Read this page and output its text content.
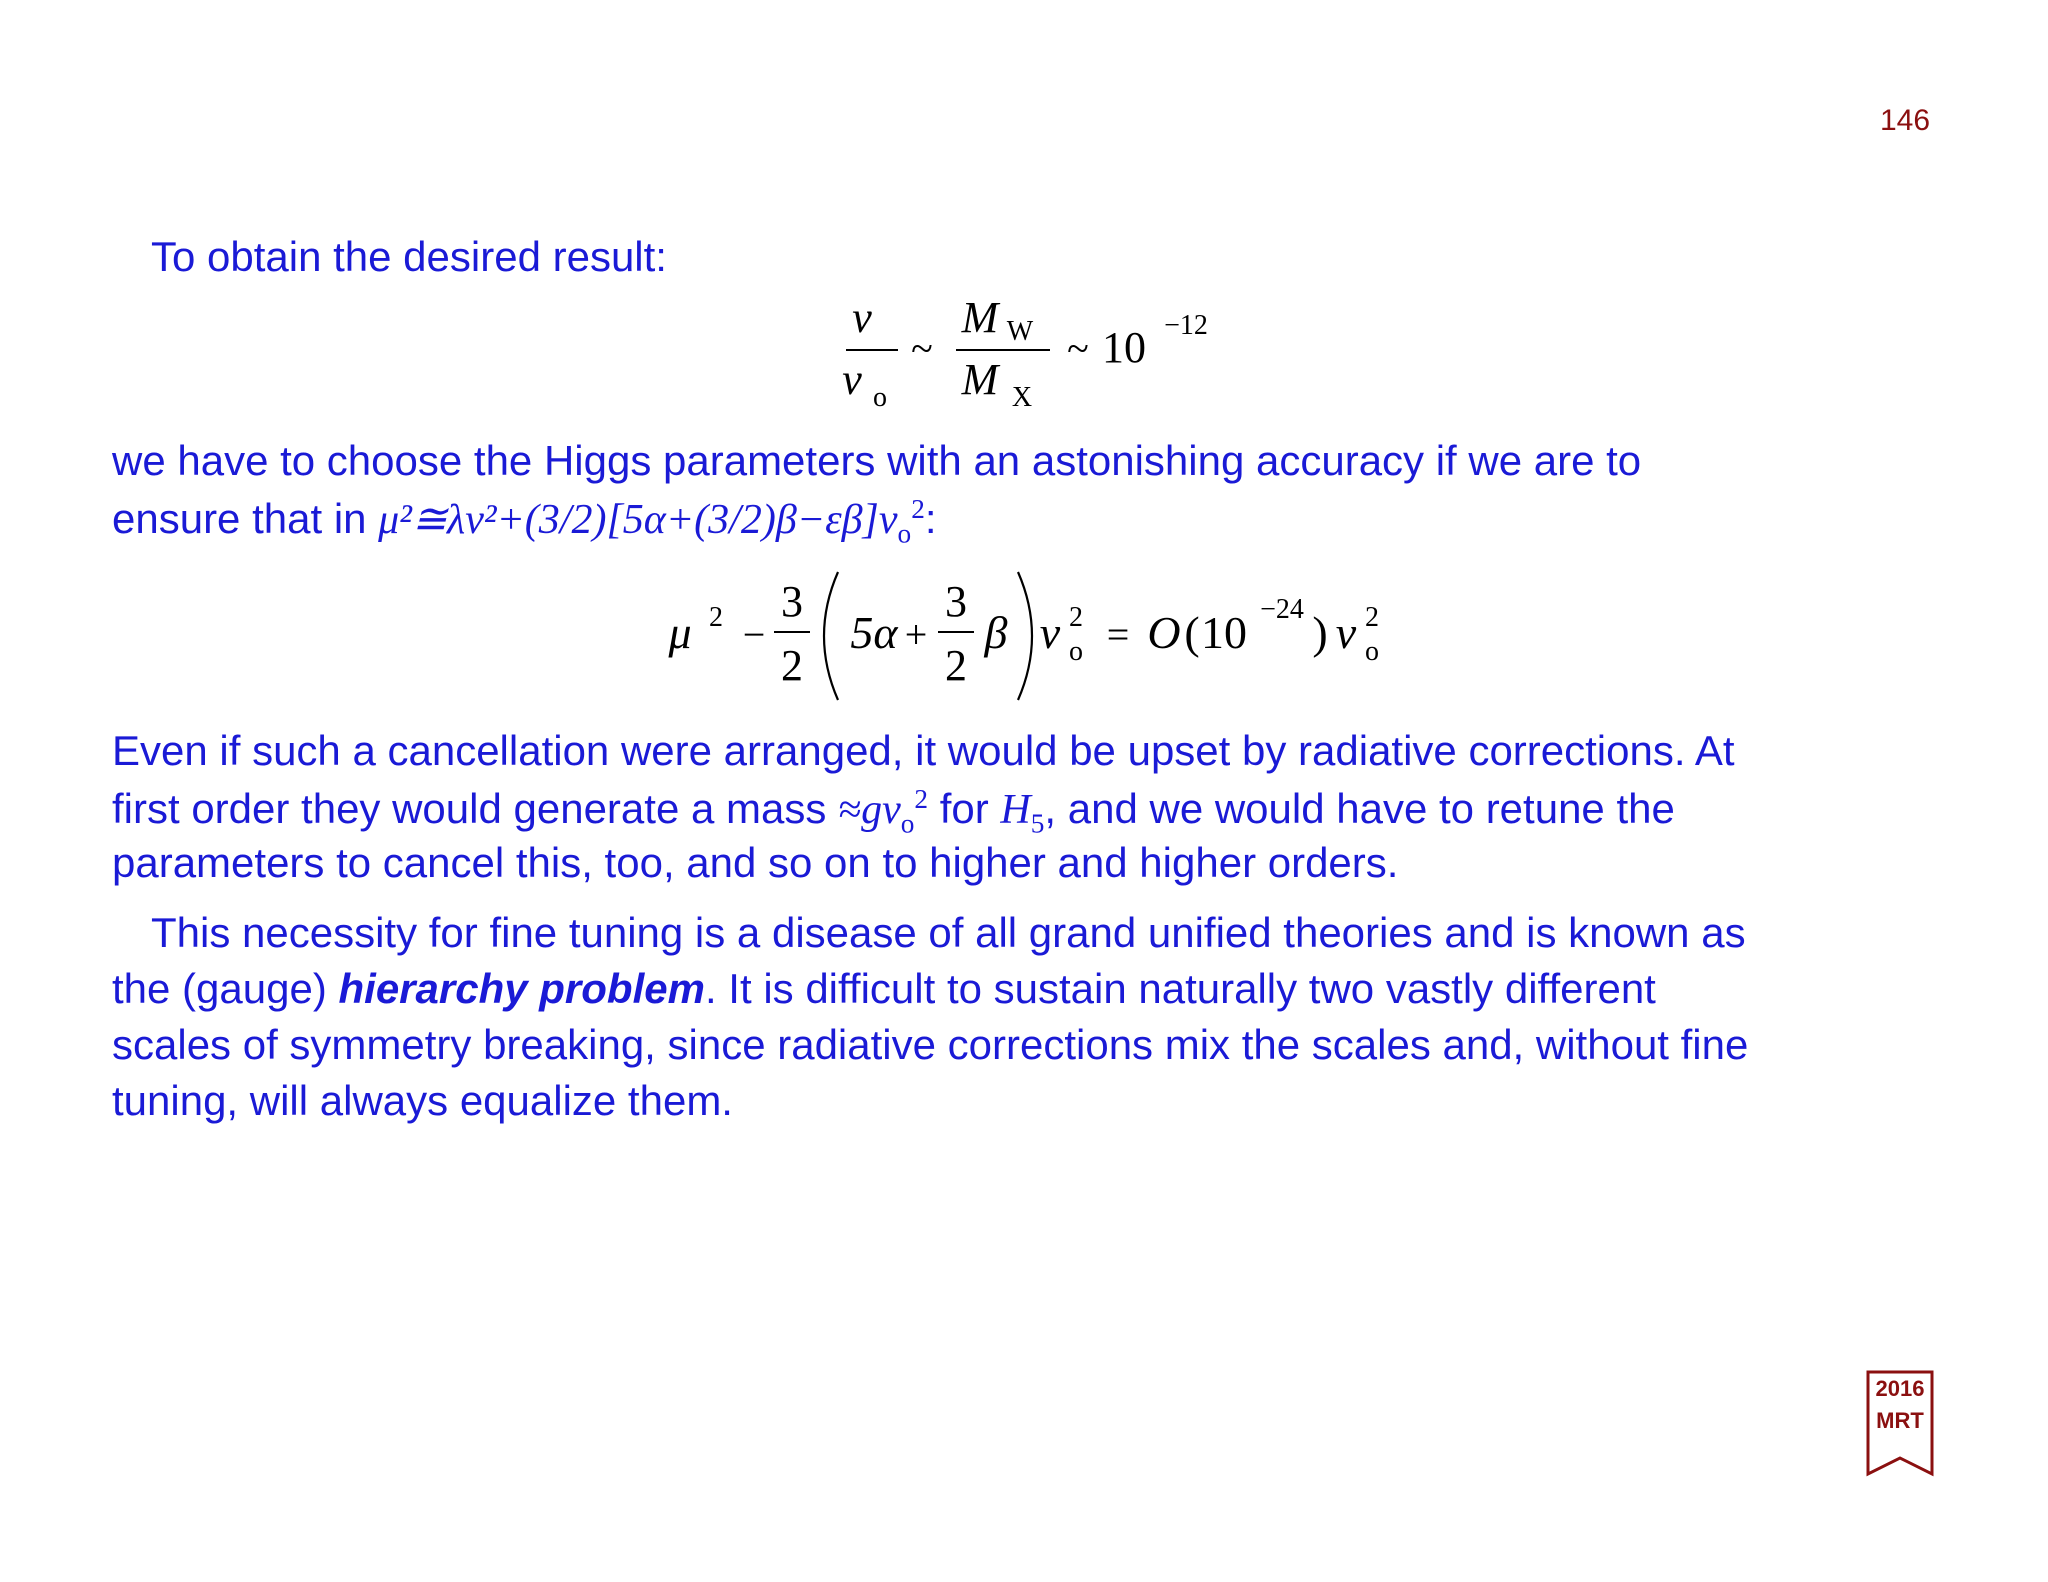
146
To obtain the desired result:
v
v o
~
M W
M X
~ 10 −12
we have to choose the Higgs parameters with an astonishing accuracy if we are to
ensure that in $\mu^2≅\lambda v^2+(3/2)[5\alpha+(3/2)\beta-\varepsilon\beta]v_o^2$:
μ 2 −
3
2
5α +
3
2
β v 2
o = O ( 10 −24 ) v 2
o
Even if such a cancellation were arranged, it would be upset by radiative corrections. At
first order they would generate a mass $\approx gv_o^2$ for $H_5$, and we would have to retune the
parameters to cancel this, too, and so on to higher and higher orders.
This necessity for fine tuning is a disease of all grand unified theories and is known as
the (gauge) hierarchy problem. It is difficult to sustain naturally two vastly different
scales of symmetry breaking, since radiative corrections mix the scales and, without fine
tuning, will always equalize them.
2016
MRT
